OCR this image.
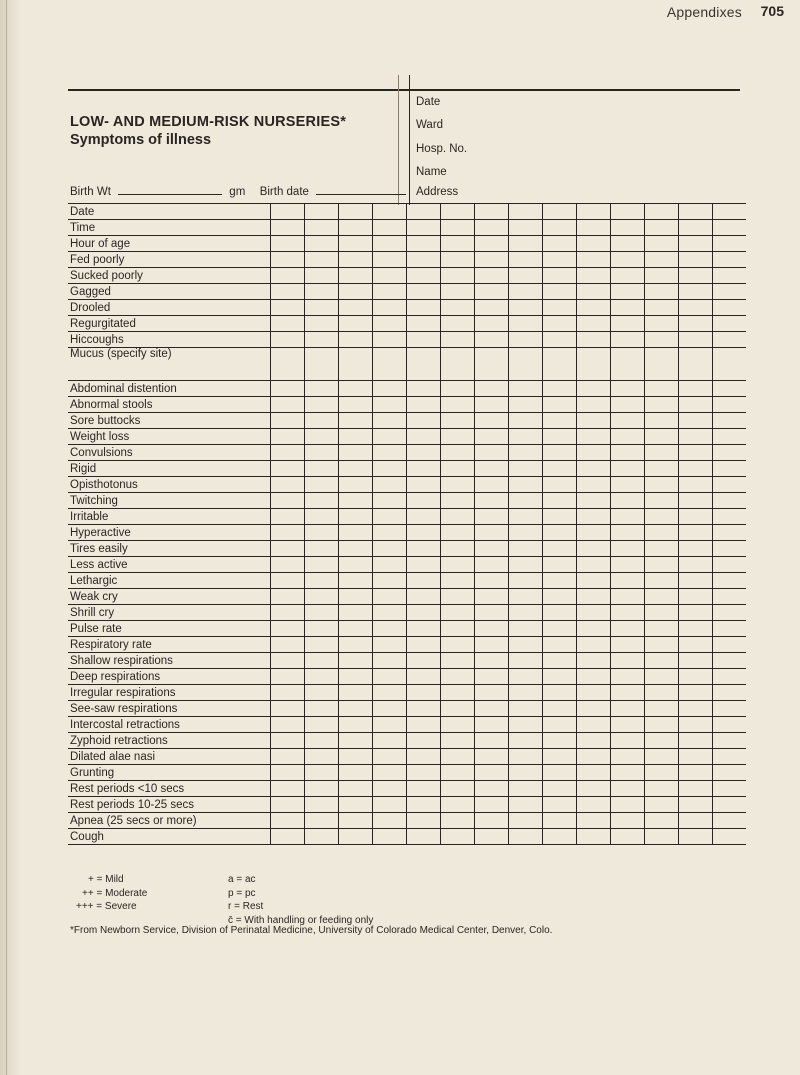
Appendixes 705
LOW- AND MEDIUM-RISK NURSERIES*
Symptoms of illness
Birth Wt	gm Birth date
Date
Ward
Hosp. No.
Name
Address
Date														
Time														
Hour of age														
Fed poorly														
Sucked poorly														
Gagged														
Drooled														
Regurgitated														
Hiccoughs														
Mucus (specify site)														
Abdominal distention														
Abnormal stools														
Sore buttocks														
Weight loss														
Convulsions														
Rigid														
Opisthotonus														
Twitching														
Irritable														
Hyperactive														
Tires easily														
Less active														
Lethargic														
Weak cry														
Shrill cry														
Pulse rate														
Respiratory rate														
Shallow respirations														
Deep respirations														
Irregular respirations														
See-saw respirations														
Intercostal retractions														
Zyphoid retractions														
Dilated alae nasi														
Grunting														
Rest periods <10 secs														
Rest periods 10-25 secs														
Apnea (25 secs or more)														
Cough														
+ = Mild
++ = Moderate
+++ = Severe
a = ac
p = pc
r = Rest
c̄ = With handling or feeding only
*From Newborn Service, Division of Perinatal Medicine, University of Colorado Medical Center, Denver, Colo.
